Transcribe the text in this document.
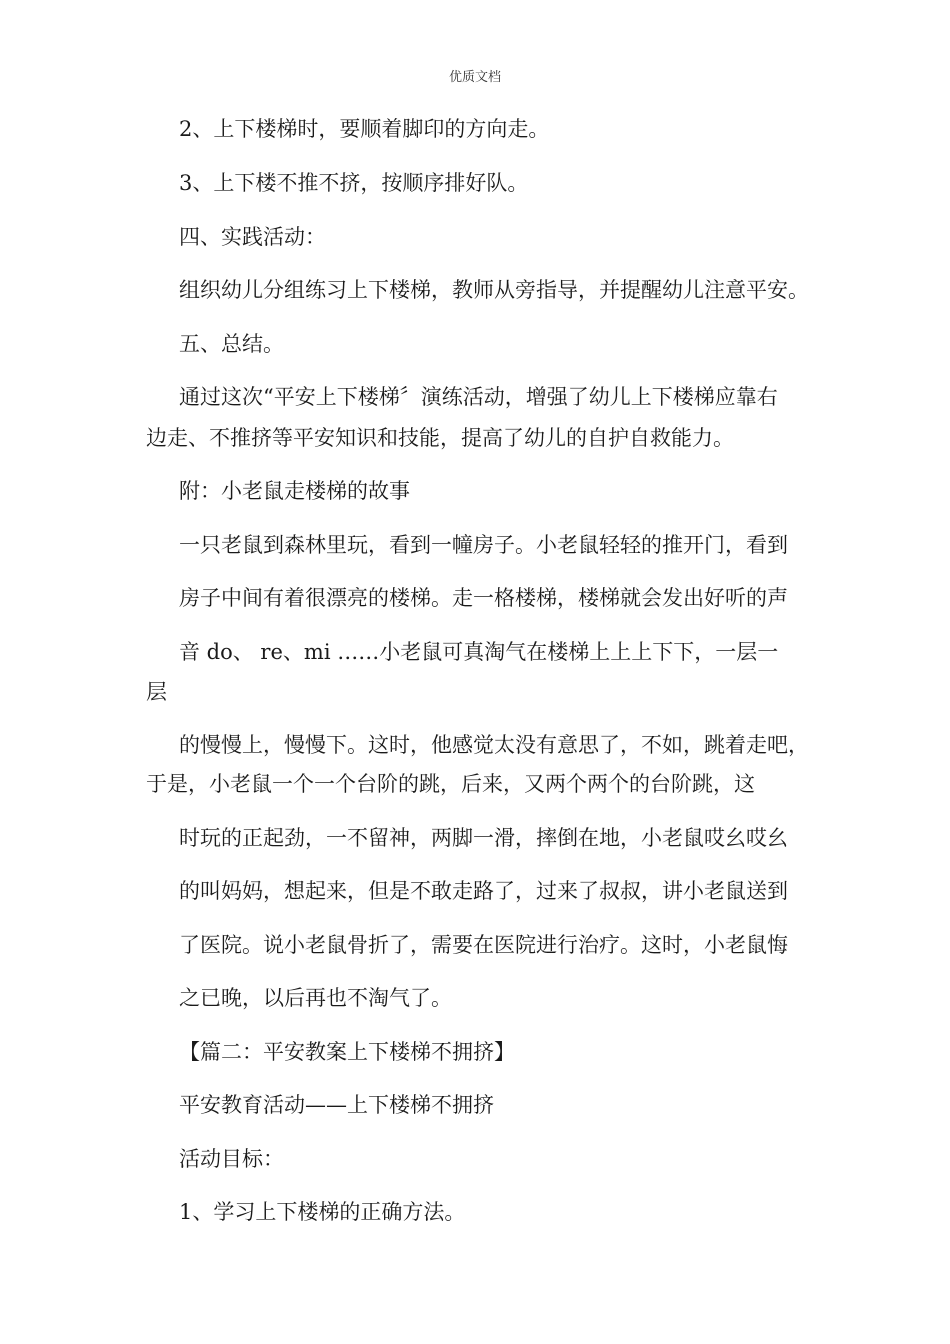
优质文档
2、上下楼梯时，要顺着脚印的方向走。
3、上下楼不推不挤，按顺序排好队。
四、实践活动：
组织幼儿分组练习上下楼梯，教师从旁指导，并提醒幼儿注意平安。
五、总结。
通过这次“平安上下楼梯〞演练活动，增强了幼儿上下楼梯应靠右
边走、不推挤等平安知识和技能，提高了幼儿的自护自救能力。
附：小老鼠走楼梯的故事
一只老鼠到森林里玩，看到一幢房子。小老鼠轻轻的推开门，看到
房子中间有着很漂亮的楼梯。走一格楼梯，楼梯就会发出好听的声
音 do、 re、mi ……小老鼠可真淘气在楼梯上上上下下，一层一
层
的慢慢上，慢慢下。这时，他感觉太没有意思了，不如，跳着走吧，
于是，小老鼠一个一个台阶的跳，后来，又两个两个的台阶跳，这
时玩的正起劲，一不留神，两脚一滑，摔倒在地，小老鼠哎幺哎幺
的叫妈妈，想起来，但是不敢走路了，过来了叔叔，讲小老鼠送到
了医院。说小老鼠骨折了，需要在医院进行治疗。这时，小老鼠悔
之已晚，以后再也不淘气了。
【篇二：平安教案上下楼梯不拥挤】
平安教育活动——上下楼梯不拥挤
活动目标：
1、学习上下楼梯的正确方法。
